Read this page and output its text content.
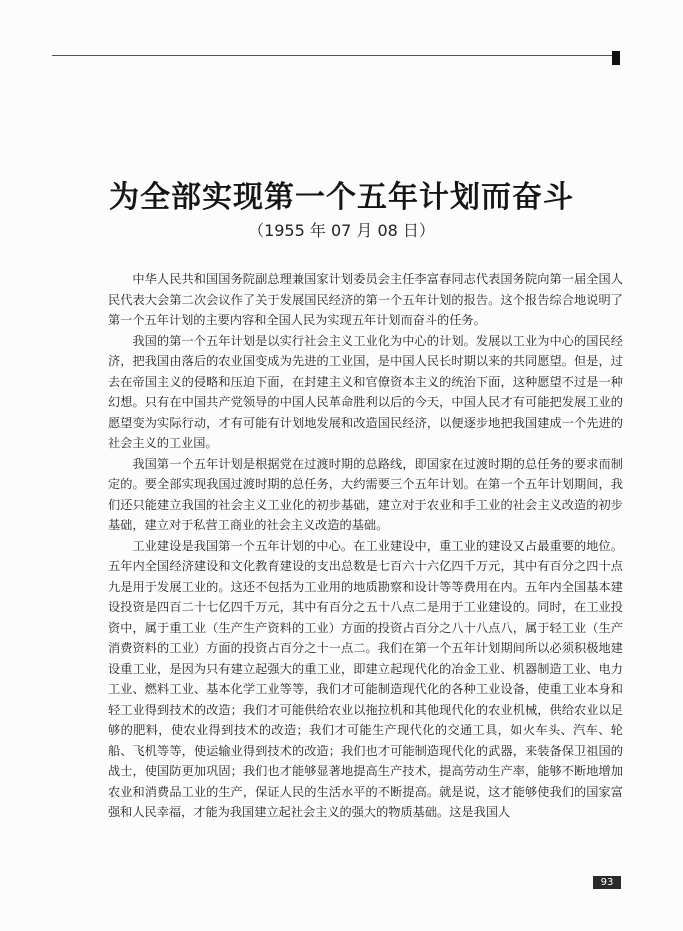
为全部实现第一个五年计划而奋斗
（1955 年 07 月 08 日）

中华人民共和国国务院副总理兼国家计划委员会主任李富春同志代表国务院向第一届全国人民代表大会第二次会议作了关于发展国民经济的第一个五年计划的报告。这个报告综合地说明了第一个五年计划的主要内容和全国人民为实现五年计划而奋斗的任务。

我国的第一个五年计划是以实行社会主义工业化为中心的计划。发展以工业为中心的国民经济，把我国由落后的农业国变成为先进的工业国，是中国人民长时期以来的共同愿望。但是，过去在帝国主义的侵略和压迫下面，在封建主义和官僚资本主义的统治下面，这种愿望不过是一种幻想。只有在中国共产党领导的中国人民革命胜利以后的今天，中国人民才有可能把发展工业的愿望变为实际行动，才有可能有计划地发展和改造国民经济，以便逐步地把我国建成一个先进的社会主义的工业国。

我国第一个五年计划是根据党在过渡时期的总路线，即国家在过渡时期的总任务的要求而制定的。要全部实现我国过渡时期的总任务，大约需要三个五年计划。在第一个五年计划期间，我们还只能建立我国的社会主义工业化的初步基础，建立对于农业和手工业的社会主义改造的初步基础，建立对于私营工商业的社会主义改造的基础。

工业建设是我国第一个五年计划的中心。在工业建设中，重工业的建设又占最重要的地位。五年内全国经济建设和文化教育建设的支出总数是七百六十六亿四千万元，其中有百分之四十点九是用于发展工业的。这还不包括为工业用的地质勘察和设计等等费用在内。五年内全国基本建设投资是四百二十七亿四千万元，其中有百分之五十八点二是用于工业建设的。同时，在工业投资中，属于重工业（生产生产资料的工业）方面的投资占百分之八十八点八，属于轻工业（生产消费资料的工业）方面的投资占百分之十一点二。我们在第一个五年计划期间所以必须积极地建设重工业，是因为只有建立起强大的重工业，即建立起现代化的冶金工业、机器制造工业、电力工业、燃料工业、基本化学工业等等，我们才可能制造现代化的各种工业设备，使重工业本身和轻工业得到技术的改造；我们才可能供给农业以拖拉机和其他现代化的农业机械，供给农业以足够的肥料，使农业得到技术的改造；我们才可能生产现代化的交通工具，如火车头、汽车、轮船、飞机等等，使运输业得到技术的改造；我们也才可能制造现代化的武器，来装备保卫祖国的战士，使国防更加巩固；我们也才能够显著地提高生产技术，提高劳动生产率，能够不断地增加农业和消费品工业的生产，保证人民的生活水平的不断提高。就是说，这才能够使我们的国家富强和人民幸福，才能为我国建立起社会主义的强大的物质基础。这是我国人

93
